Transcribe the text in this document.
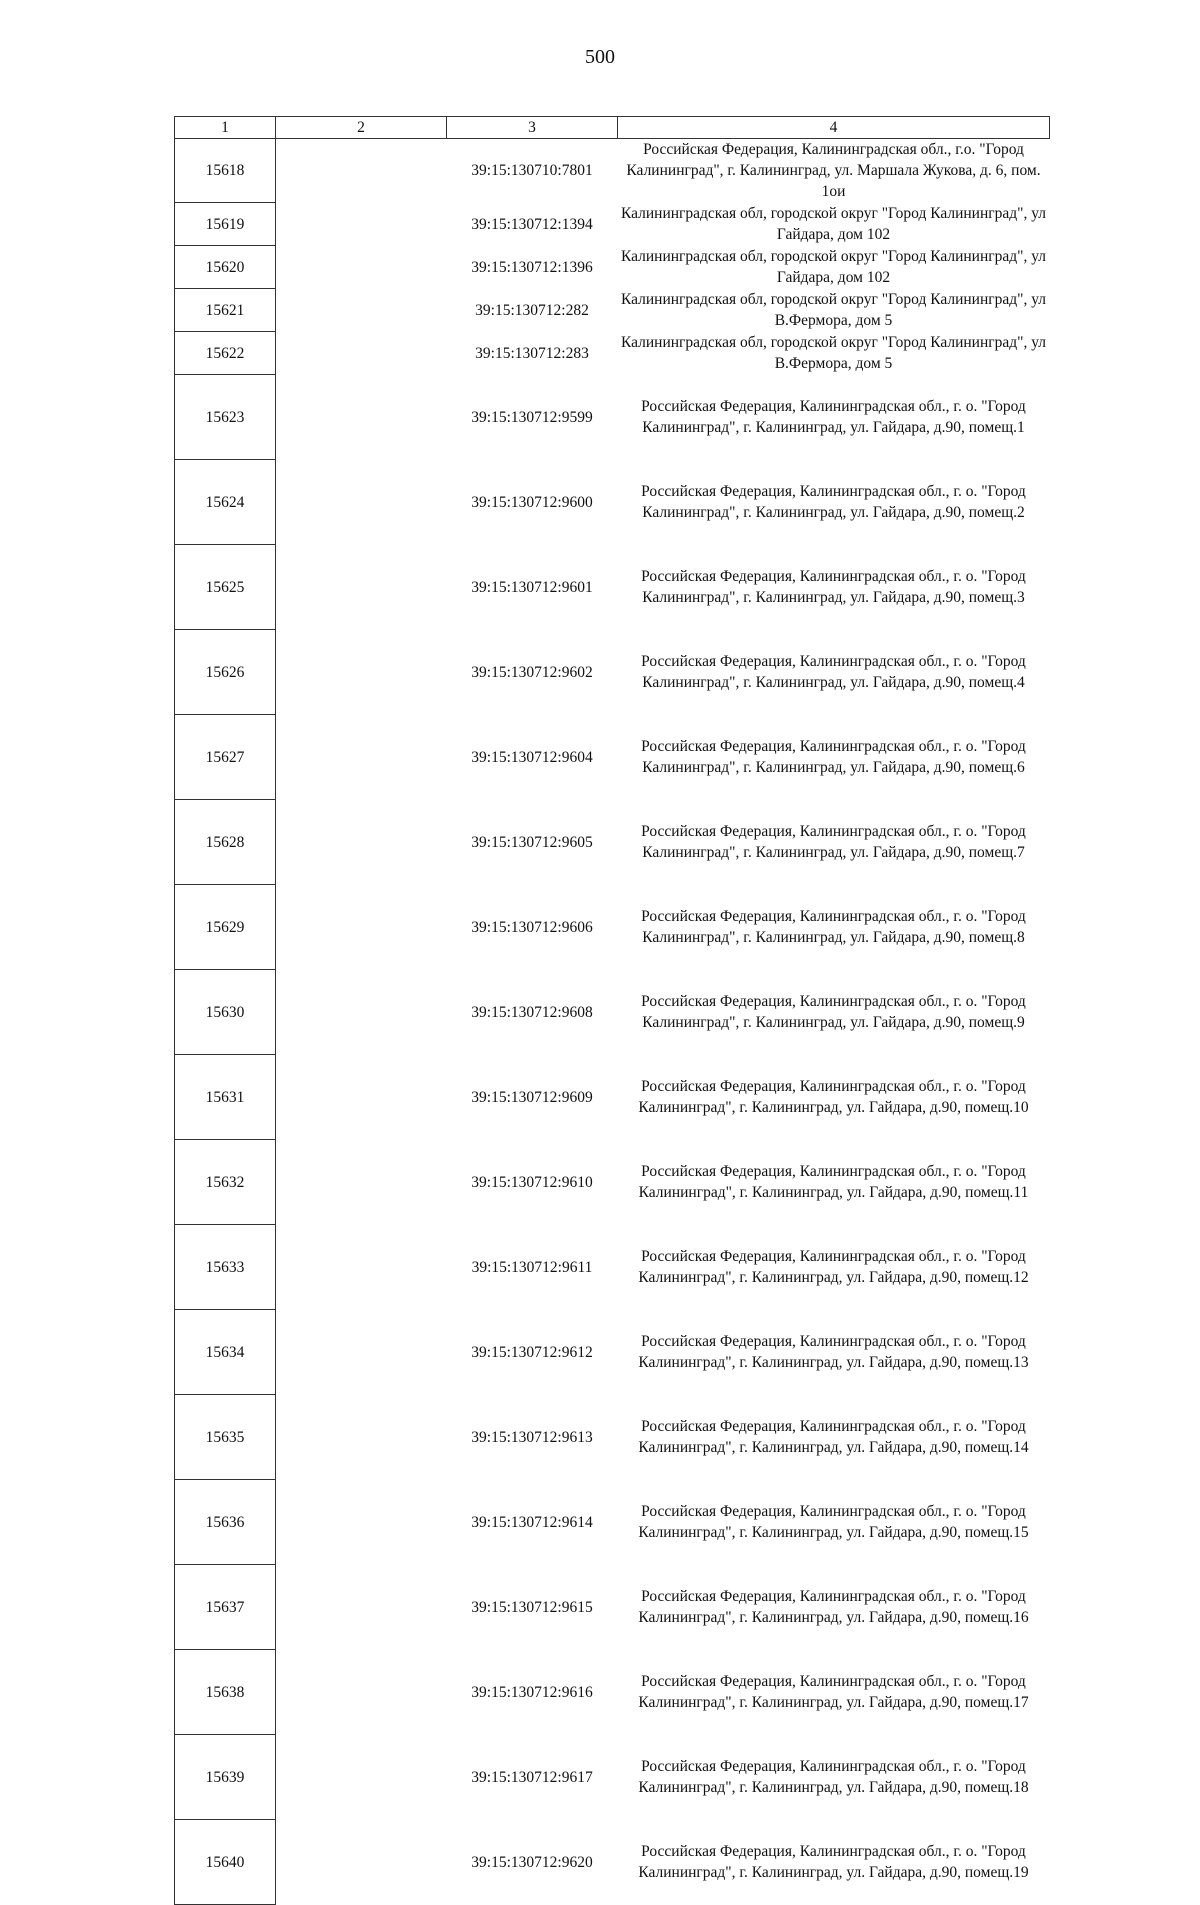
500
1	2	3	4
15618		39:15:130710:7801	Российская Федерация, Калининградская обл., г.о. "Город Калининград", г. Калининград, ул. Маршала Жукова, д. 6, пом. 1ои
15619		39:15:130712:1394	Калининградская обл, городской округ "Город Калининград", ул Гайдара, дом 102
15620		39:15:130712:1396	Калининградская обл, городской округ "Город Калининград", ул Гайдара, дом 102
15621		39:15:130712:282	Калининградская обл, городской округ "Город Калининград", ул В.Фермора, дом 5
15622		39:15:130712:283	Калининградская обл, городской округ "Город Калининград", ул В.Фермора, дом 5
15623		39:15:130712:9599	Российская Федерация, Калининградская обл., г. о. "Город Калининград", г. Калининград, ул. Гайдара, д.90, помещ.1
15624		39:15:130712:9600	Российская Федерация, Калининградская обл., г. о. "Город Калининград", г. Калининград, ул. Гайдара, д.90, помещ.2
15625		39:15:130712:9601	Российская Федерация, Калининградская обл., г. о. "Город Калининград", г. Калининград, ул. Гайдара, д.90, помещ.3
15626		39:15:130712:9602	Российская Федерация, Калининградская обл., г. о. "Город Калининград", г. Калининград, ул. Гайдара, д.90, помещ.4
15627		39:15:130712:9604	Российская Федерация, Калининградская обл., г. о. "Город Калининград", г. Калининград, ул. Гайдара, д.90, помещ.6
15628		39:15:130712:9605	Российская Федерация, Калининградская обл., г. о. "Город Калининград", г. Калининград, ул. Гайдара, д.90, помещ.7
15629		39:15:130712:9606	Российская Федерация, Калининградская обл., г. о. "Город Калининград", г. Калининград, ул. Гайдара, д.90, помещ.8
15630		39:15:130712:9608	Российская Федерация, Калининградская обл., г. о. "Город Калининград", г. Калининград, ул. Гайдара, д.90, помещ.9
15631		39:15:130712:9609	Российская Федерация, Калининградская обл., г. о. "Город Калининград", г. Калининград, ул. Гайдара, д.90, помещ.10
15632		39:15:130712:9610	Российская Федерация, Калининградская обл., г. о. "Город Калининград", г. Калининград, ул. Гайдара, д.90, помещ.11
15633		39:15:130712:9611	Российская Федерация, Калининградская обл., г. о. "Город Калининград", г. Калининград, ул. Гайдара, д.90, помещ.12
15634		39:15:130712:9612	Российская Федерация, Калининградская обл., г. о. "Город Калининград", г. Калининград, ул. Гайдара, д.90, помещ.13
15635		39:15:130712:9613	Российская Федерация, Калининградская обл., г. о. "Город Калининград", г. Калининград, ул. Гайдара, д.90, помещ.14
15636		39:15:130712:9614	Российская Федерация, Калининградская обл., г. о. "Город Калининград", г. Калининград, ул. Гайдара, д.90, помещ.15
15637		39:15:130712:9615	Российская Федерация, Калининградская обл., г. о. "Город Калининград", г. Калининград, ул. Гайдара, д.90, помещ.16
15638		39:15:130712:9616	Российская Федерация, Калининградская обл., г. о. "Город Калининград", г. Калининград, ул. Гайдара, д.90, помещ.17
15639		39:15:130712:9617	Российская Федерация, Калининградская обл., г. о. "Город Калининград", г. Калининград, ул. Гайдара, д.90, помещ.18
15640		39:15:130712:9620	Российская Федерация, Калининградская обл., г. о. "Город Калининград", г. Калининград, ул. Гайдара, д.90, помещ.19
